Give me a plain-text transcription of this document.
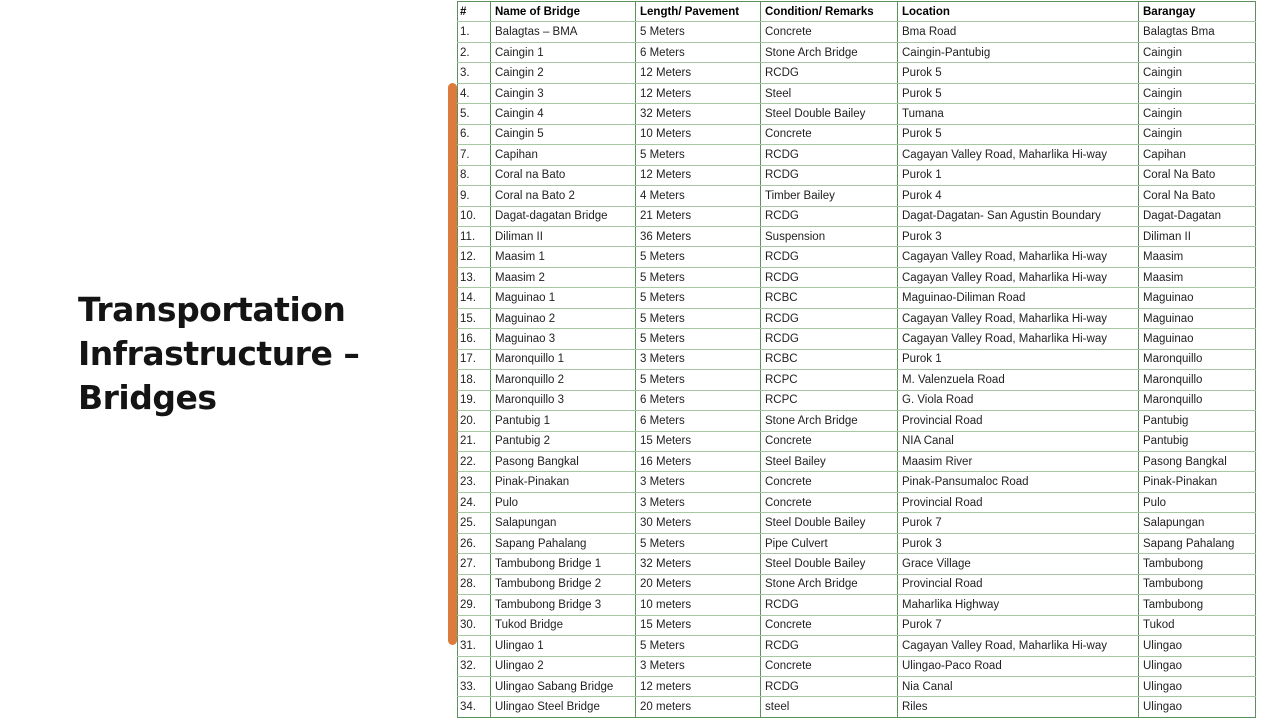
Transportation Infrastructure – Bridges
#	Name of Bridge	Length/ Pavement	Condition/ Remarks	Location	Barangay
1.	Balagtas – BMA	5 Meters	Concrete	Bma Road	Balagtas Bma
2.	Caingin 1	6 Meters	Stone Arch Bridge	Caingin-Pantubig	Caingin
3.	Caingin 2	12 Meters	RCDG	Purok 5	Caingin
4.	Caingin 3	12 Meters	Steel	Purok 5	Caingin
5.	Caingin 4	32 Meters	Steel Double Bailey	Tumana	Caingin
6.	Caingin 5	10 Meters	Concrete	Purok 5	Caingin
7.	Capihan	5 Meters	RCDG	Cagayan Valley Road, Maharlika Hi-way	Capihan
8.	Coral na Bato	12 Meters	RCDG	Purok 1	Coral Na Bato
9.	Coral na Bato 2	4 Meters	Timber Bailey	Purok 4	Coral Na Bato
10.	Dagat-dagatan Bridge	21 Meters	RCDG	Dagat-Dagatan- San Agustin Boundary	Dagat-Dagatan
11.	Diliman II	36 Meters	Suspension	Purok 3	Diliman II
12.	Maasim 1	5 Meters	RCDG	Cagayan Valley Road, Maharlika Hi-way	Maasim
13.	Maasim 2	5 Meters	RCDG	Cagayan Valley Road, Maharlika Hi-way	Maasim
14.	Maguinao 1	5 Meters	RCBC	Maguinao-Diliman Road	Maguinao
15.	Maguinao 2	5 Meters	RCDG	Cagayan Valley Road, Maharlika Hi-way	Maguinao
16.	Maguinao 3	5 Meters	RCDG	Cagayan Valley Road, Maharlika Hi-way	Maguinao
17.	Maronquillo 1	3 Meters	RCBC	Purok 1	Maronquillo
18.	Maronquillo 2	5 Meters	RCPC	M. Valenzuela Road	Maronquillo
19.	Maronquillo 3	6 Meters	RCPC	G. Viola Road	Maronquillo
20.	Pantubig 1	6 Meters	Stone Arch Bridge	Provincial Road	Pantubig
21.	Pantubig 2	15 Meters	Concrete	NIA Canal	Pantubig
22.	Pasong Bangkal	16 Meters	Steel Bailey	Maasim River	Pasong Bangkal
23.	Pinak-Pinakan	3 Meters	Concrete	Pinak-Pansumaloc Road	Pinak-Pinakan
24.	Pulo	3 Meters	Concrete	Provincial Road	Pulo
25.	Salapungan	30 Meters	Steel Double Bailey	Purok 7	Salapungan
26.	Sapang Pahalang	5 Meters	Pipe Culvert	Purok 3	Sapang Pahalang
27.	Tambubong Bridge 1	32 Meters	Steel Double Bailey	Grace Village	Tambubong
28.	Tambubong Bridge 2	20 Meters	Stone Arch Bridge	Provincial Road	Tambubong
29.	Tambubong Bridge 3	10 meters	RCDG	Maharlika Highway	Tambubong
30.	Tukod Bridge	15 Meters	Concrete	Purok 7	Tukod
31.	Ulingao 1	5 Meters	RCDG	Cagayan Valley Road, Maharlika Hi-way	Ulingao
32.	Ulingao 2	3 Meters	Concrete	Ulingao-Paco Road	Ulingao
33.	Ulingao Sabang Bridge	12 meters	RCDG	Nia Canal	Ulingao
34.	Ulingao Steel Bridge	20 meters	steel	Riles	Ulingao
